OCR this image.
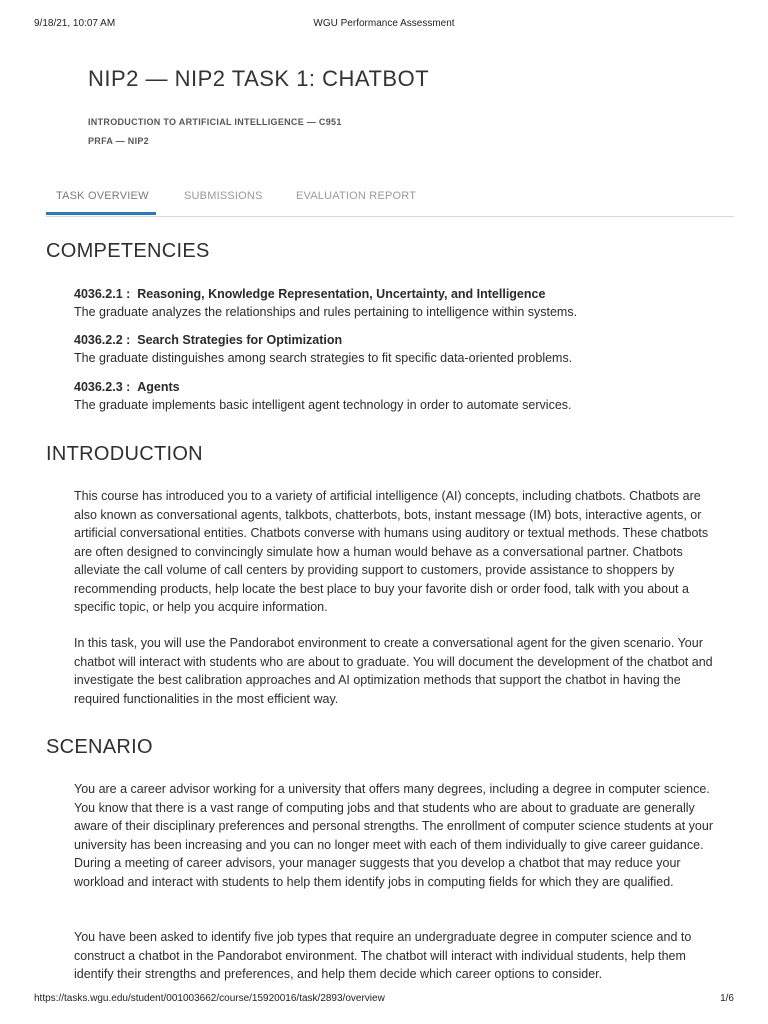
9/18/21, 10:07 AM	WGU Performance Assessment
NIP2 — NIP2 TASK 1: CHATBOT
INTRODUCTION TO ARTIFICIAL INTELLIGENCE — C951
PRFA — NIP2
TASK OVERVIEW	SUBMISSIONS	EVALUATION REPORT
COMPETENCIES
4036.2.1 : Reasoning, Knowledge Representation, Uncertainty, and Intelligence
The graduate analyzes the relationships and rules pertaining to intelligence within systems.
4036.2.2 : Search Strategies for Optimization
The graduate distinguishes among search strategies to fit specific data-oriented problems.
4036.2.3 : Agents
The graduate implements basic intelligent agent technology in order to automate services.
INTRODUCTION

This course has introduced you to a variety of artificial intelligence (AI) concepts, including chatbots. Chatbots are also known as conversational agents, talkbots, chatterbots, bots, instant message (IM) bots, interactive agents, or artificial conversational entities. Chatbots converse with humans using auditory or textual methods. These chatbots are often designed to convincingly simulate how a human would behave as a conversational partner. Chatbots alleviate the call volume of call centers by providing support to customers, provide assistance to shoppers by recommending products, help locate the best place to buy your favorite dish or order food, talk with you about a specific topic, or help you acquire information.

In this task, you will use the Pandorabot environment to create a conversational agent for the given scenario. Your chatbot will interact with students who are about to graduate. You will document the development of the chatbot and investigate the best calibration approaches and AI optimization methods that support the chatbot in having the required functionalities in the most efficient way.

SCENARIO

You are a career advisor working for a university that offers many degrees, including a degree in computer science. You know that there is a vast range of computing jobs and that students who are about to graduate are generally aware of their disciplinary preferences and personal strengths. The enrollment of computer science students at your university has been increasing and you can no longer meet with each of them individually to give career guidance. During a meeting of career advisors, your manager suggests that you develop a chatbot that may reduce your workload and interact with students to help them identify jobs in computing fields for which they are qualified.

You have been asked to identify five job types that require an undergraduate degree in computer science and to construct a chatbot in the Pandorabot environment. The chatbot will interact with individual students, help them identify their strengths and preferences, and help them decide which career options to consider.

https://tasks.wgu.edu/student/001003662/course/15920016/task/2893/overview	1/6
